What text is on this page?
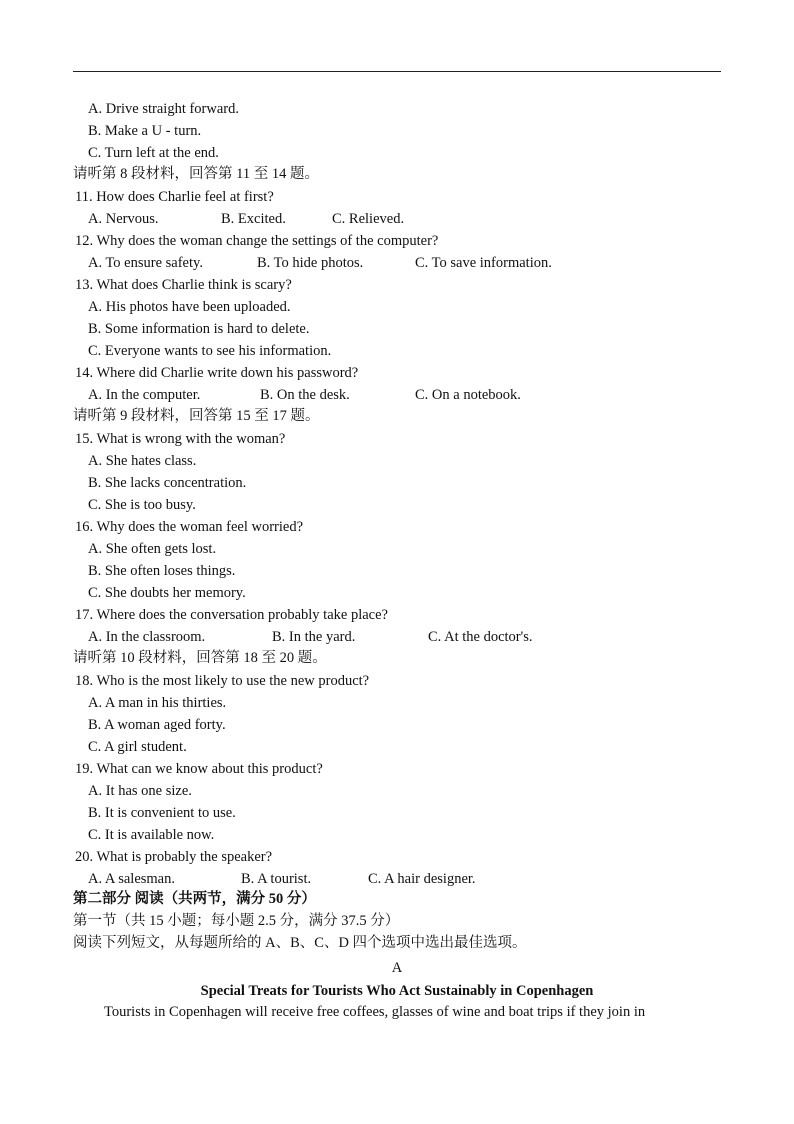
A. Drive straight forward.
B. Make a U - turn.
C. Turn left at the end.
请听第 8 段材料，回答第 11 至 14 题。
11. How does Charlie feel at first?
A. Nervous.	B. Excited.	C. Relieved.
12. Why does the woman change the settings of the computer?
A. To ensure safety.	B. To hide photos.	C. To save information.
13. What does Charlie think is scary?
A. His photos have been uploaded.
B. Some information is hard to delete.
C. Everyone wants to see his information.
14. Where did Charlie write down his password?
A. In the computer.	B. On the desk.	C. On a notebook.
请听第 9 段材料，回答第 15 至 17 题。
15. What is wrong with the woman?
A. She hates class.
B. She lacks concentration.
C. She is too busy.
16. Why does the woman feel worried?
A. She often gets lost.
B. She often loses things.
C. She doubts her memory.
17. Where does the conversation probably take place?
A. In the classroom.	B. In the yard.	C. At the doctor's.
请听第 10 段材料，回答第 18 至 20 题。
18. Who is the most likely to use the new product?
A. A man in his thirties.
B. A woman aged forty.
C. A girl student.
19. What can we know about this product?
A. It has one size.
B. It is convenient to use.
C. It is available now.
20. What is probably the speaker?
A. A salesman.	B. A tourist.	C. A hair designer.
第二部分 阅读（共两节，满分 50 分）
第一节（共 15 小题；每小题 2.5 分，满分 37.5 分）
阅读下列短文，从每题所给的 A、B、C、D 四个选项中选出最佳选项。
A
Special Treats for Tourists Who Act Sustainably in Copenhagen
Tourists in Copenhagen will receive free coffees, glasses of wine and boat trips if they join in
